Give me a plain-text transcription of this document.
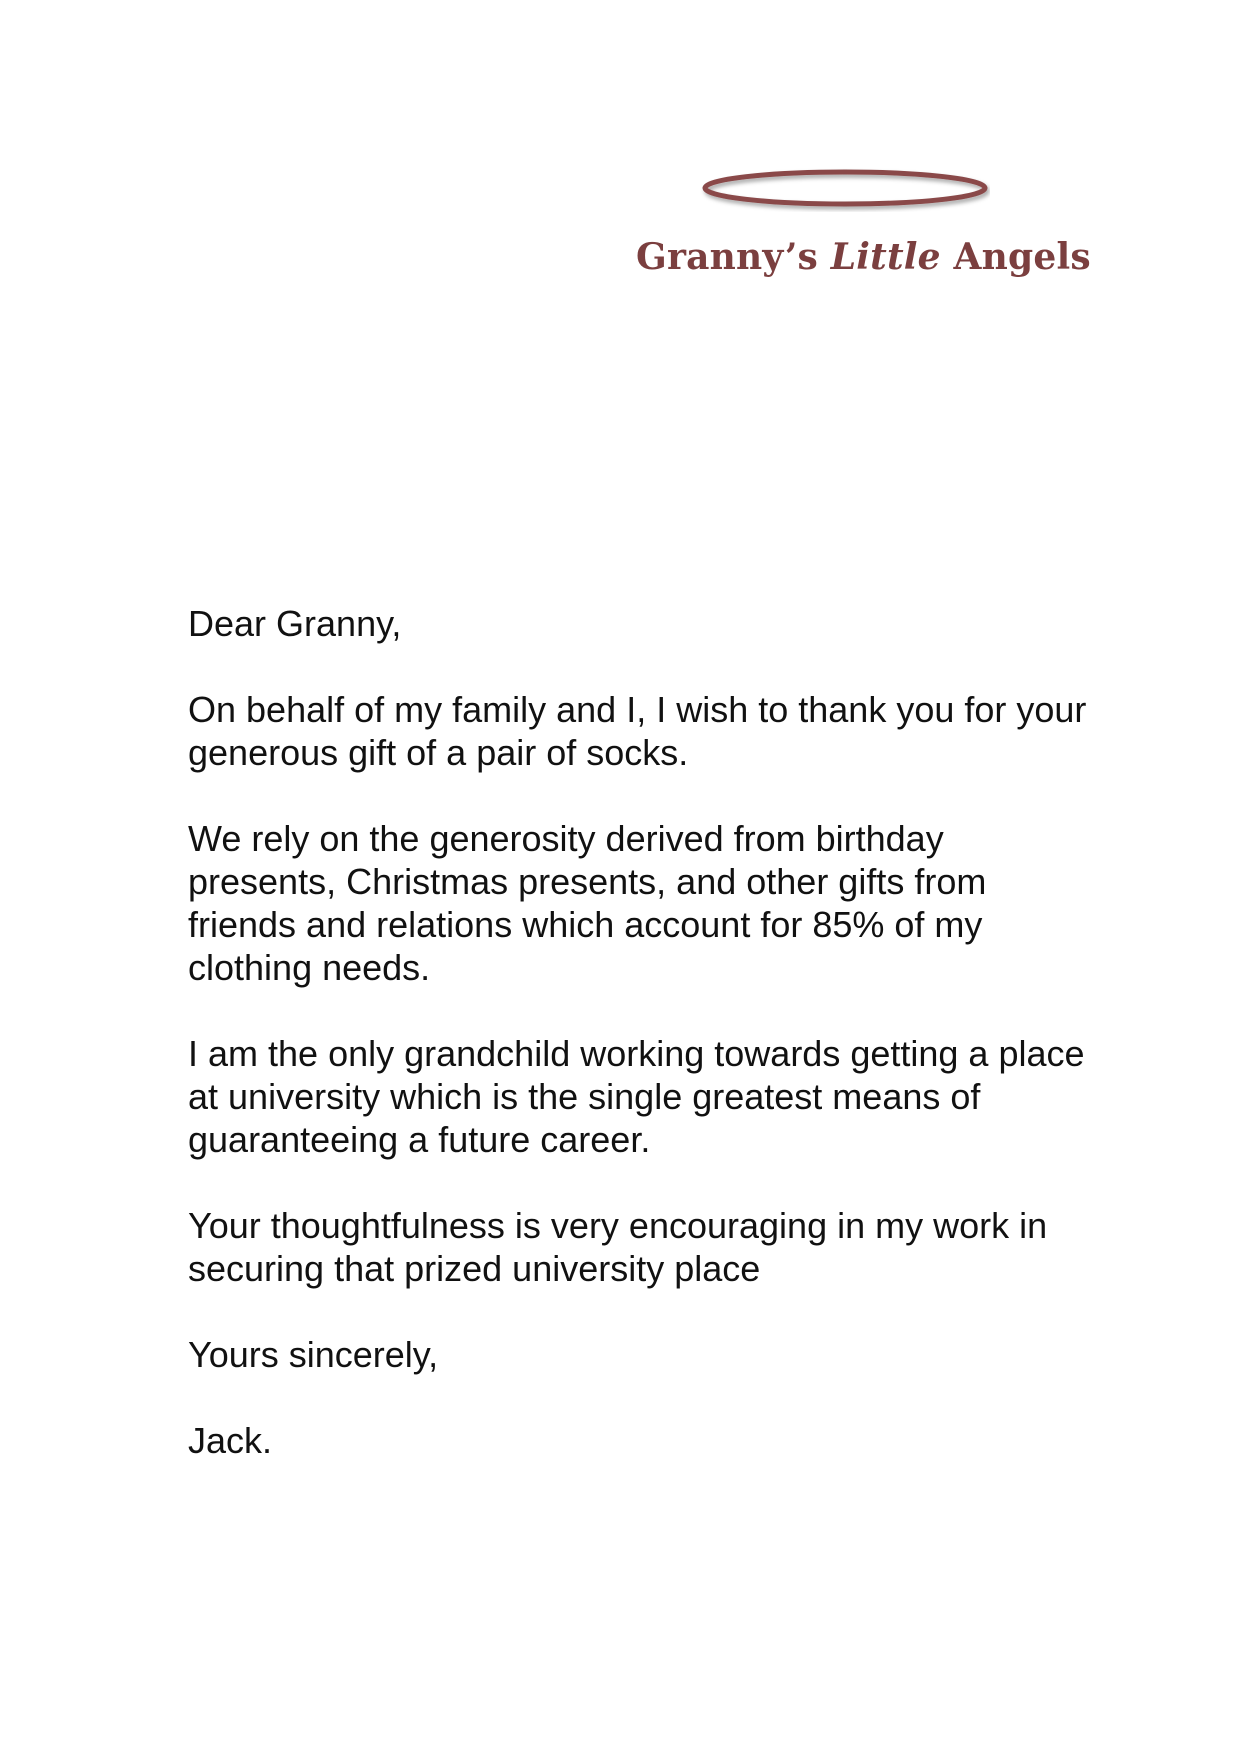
Granny’s Little Angels

Dear Granny,

On behalf of my family and I, I wish to thank you for your generous gift of a pair of socks.

We rely on the generosity derived from birthday presents, Christmas presents, and other gifts from friends and relations which account for 85% of my clothing needs.

I am the only grandchild working towards getting a place at university which is the single greatest means of guaranteeing a future career.

Your thoughtfulness is very encouraging in my work in securing that prized university place

Yours sincerely,

Jack.
